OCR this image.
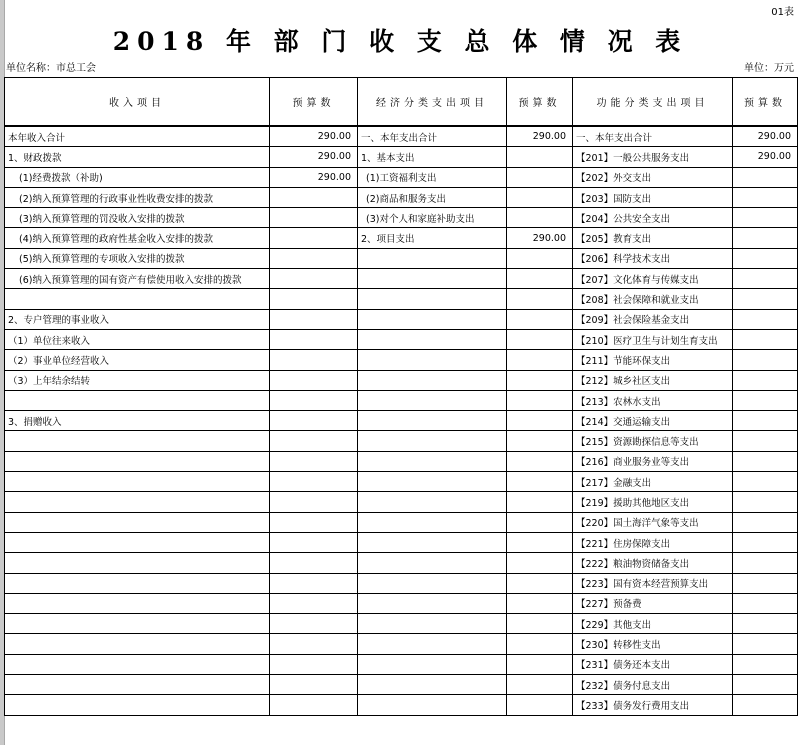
01表
2018 年 部 门 收 支 总 体 情 况 表
单位名称：市总工会	单位：万元
收入项目	预算数	经济分类支出项目	预算数	功能分类支出项目	预算数

本年收入合计	290.00	一、本年支出合计	290.00	一、本年支出合计	290.00
1、财政拨款	290.00	1、基本支出		【201】一般公共服务支出	290.00
(1)经费拨款（补助)	290.00	(1)工资福利支出		【202】外交支出	
(2)纳入预算管理的行政事业性收费安排的拨款		(2)商品和服务支出		【203】国防支出	
(3)纳入预算管理的罚没收入安排的拨款		(3)对个人和家庭补助支出		【204】公共安全支出	
(4)纳入预算管理的政府性基金收入安排的拨款		2、项目支出	290.00	【205】教育支出	
(5)纳入预算管理的专项收入安排的拨款				【206】科学技术支出	
(6)纳入预算管理的国有资产有偿使用收入安排的拨款				【207】文化体育与传媒支出	
				【208】社会保障和就业支出	
2、专户管理的事业收入				【209】社会保险基金支出	
（1）单位往来收入				【210】医疗卫生与计划生育支出	
（2）事业单位经营收入				【211】节能环保支出	
（3）上年结余结转				【212】城乡社区支出	
				【213】农林水支出	
3、捐赠收入				【214】交通运输支出	
				【215】资源勘探信息等支出	
				【216】商业服务业等支出	
				【217】金融支出	
				【219】援助其他地区支出	
				【220】国土海洋气象等支出	
				【221】住房保障支出	
				【222】粮油物资储备支出	
				【223】国有资本经营预算支出	
				【227】预备费	
				【229】其他支出	
				【230】转移性支出	
				【231】债务还本支出	
				【232】债务付息支出	
				【233】债务发行费用支出	
